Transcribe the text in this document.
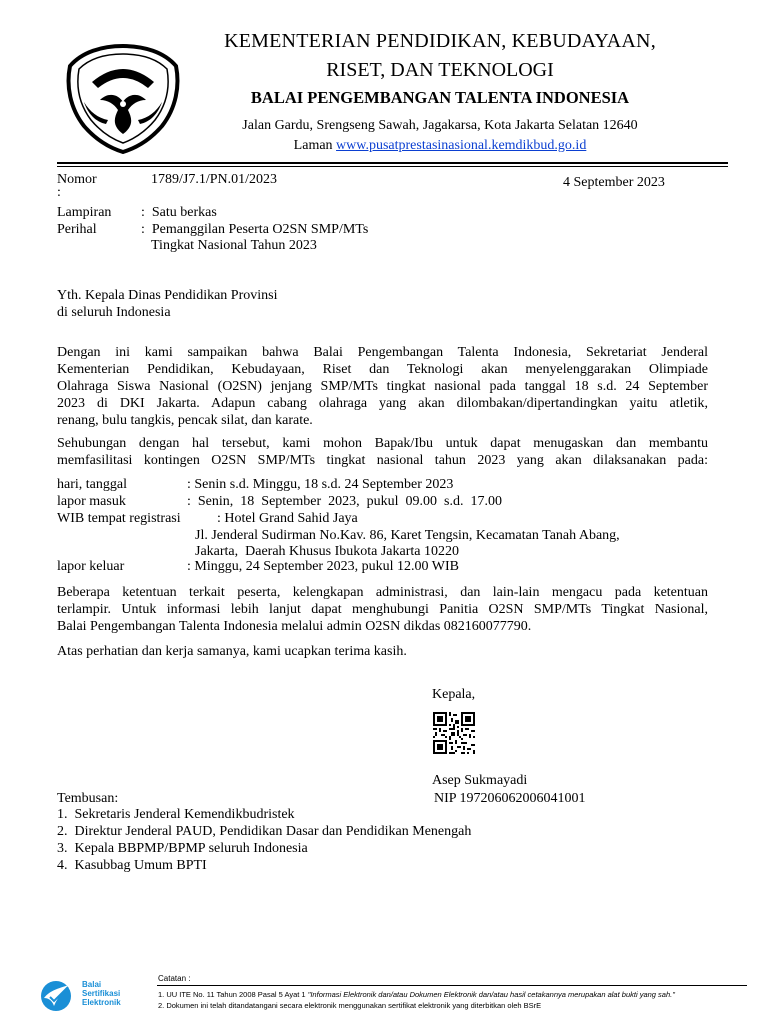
TUT WURI HANDAYANI
KEMENTERIAN PENDIDIKAN, KEBUDAYAAN,
RISET, DAN TEKNOLOGI
BALAI PENGEMBANGAN TALENTA INDONESIA
Jalan Gardu, Srengseng Sawah, Jagakarsa, Kota Jakarta Selatan 12640
Laman www.pusatprestasinasional.kemdikbud.go.id
Nomor
:
1789/J7.1/PN.01/2023	4 September 2023
Lampiran :  Satu berkas
Perihal	:  Pemanggilan Peserta O2SN SMP/MTs
Tingkat Nasional Tahun 2023
Yth. Kepala Dinas Pendidikan Provinsi
di seluruh Indonesia
Dengan ini kami sampaikan bahwa Balai Pengembangan Talenta Indonesia, Sekretariat Jenderal
Kementerian Pendidikan, Kebudayaan, Riset dan Teknologi akan menyelenggarakan Olimpiade
Olahraga Siswa Nasional (O2SN) jenjang SMP/MTs tingkat nasional pada tanggal 18 s.d. 24 September
2023 di DKI Jakarta. Adapun cabang olahraga yang akan dilombakan/dipertandingkan yaitu atletik,
renang, bulu tangkis, pencak silat, dan karate.
Sehubungan dengan hal tersebut, kami mohon Bapak/Ibu untuk dapat menugaskan dan membantu
memfasilitasi kontingen O2SN SMP/MTs tingkat nasional tahun 2023 yang akan dilaksanakan pada:
hari, tanggal	: Senin s.d. Minggu, 18 s.d. 24 September 2023
lapor masuk	:  Senin,  18  September  2023,  pukul  09.00  s.d.  17.00
WIB tempat registrasi	: Hotel Grand Sahid Jaya
Jl. Jenderal Sudirman No.Kav. 86, Karet Tengsin, Kecamatan Tanah Abang,
Jakarta,  Daerah Khusus Ibukota Jakarta 10220
lapor keluar	: Minggu, 24 September 2023, pukul 12.00 WIB
Beberapa ketentuan terkait peserta, kelengkapan administrasi, dan lain-lain mengacu pada ketentuan
terlampir. Untuk informasi lebih lanjut dapat menghubungi Panitia O2SN SMP/MTs Tingkat Nasional,
Balai Pengembangan Talenta Indonesia melalui admin O2SN dikdas 082160077790.
Atas perhatian dan kerja samanya, kami ucapkan terima kasih.
Kepala,
Asep Sukmayadi
NIP 197206062006041001
Tembusan:
1.  Sekretaris Jenderal Kemendikbudristek
2.  Direktur Jenderal PAUD, Pendidikan Dasar dan Pendidikan Menengah
3.  Kepala BBPMP/BPMP seluruh Indonesia
4.  Kasubbag Umum BPTI
Balai
Sertifikasi
Elektronik
Catatan :
1. UU ITE No. 11 Tahun 2008 Pasal 5 Ayat 1 "Informasi Elektronik dan/atau Dokumen Elektronik dan/atau hasil cetakannya merupakan alat bukti yang sah."
2. Dokumen ini telah ditandatangani secara elektronik menggunakan sertifikat elektronik yang diterbitkan oleh BSrE
